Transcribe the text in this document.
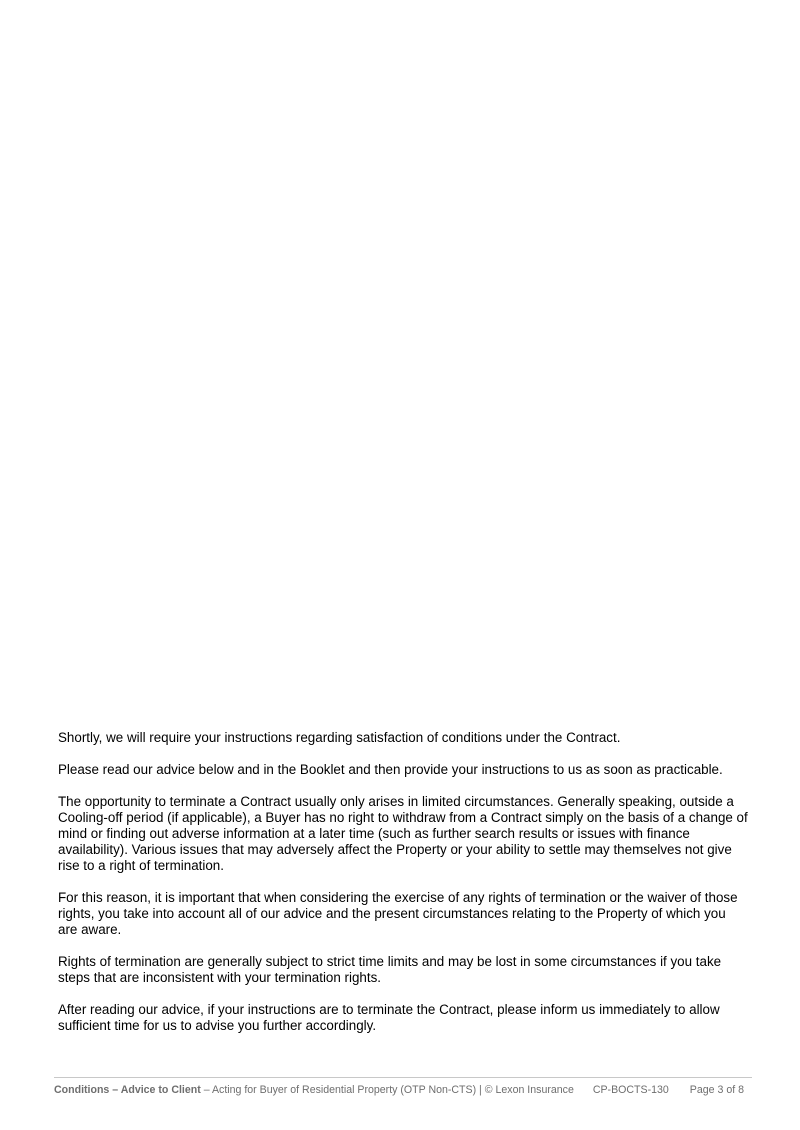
Shortly, we will require your instructions regarding satisfaction of conditions under the Contract.

Please read our advice below and in the Booklet and then provide your instructions to us as soon as practicable.

The opportunity to terminate a Contract usually only arises in limited circumstances. Generally speaking, outside a Cooling-off period (if applicable), a Buyer has no right to withdraw from a Contract simply on the basis of a change of mind or finding out adverse information at a later time (such as further search results or issues with finance availability). Various issues that may adversely affect the Property or your ability to settle may themselves not give rise to a right of termination.

For this reason, it is important that when considering the exercise of any rights of termination or the waiver of those rights, you take into account all of our advice and the present circumstances relating to the Property of which you are aware.

Rights of termination are generally subject to strict time limits and may be lost in some circumstances if you take steps that are inconsistent with your termination rights.

After reading our advice, if your instructions are to terminate the Contract, please inform us immediately to allow sufficient time for us to advise you further accordingly.

Conditions – Advice to Client – Acting for Buyer of Residential Property (OTP Non-CTS) | © Lexon Insurance CP-BOCTS-130 Page 3 of 8
